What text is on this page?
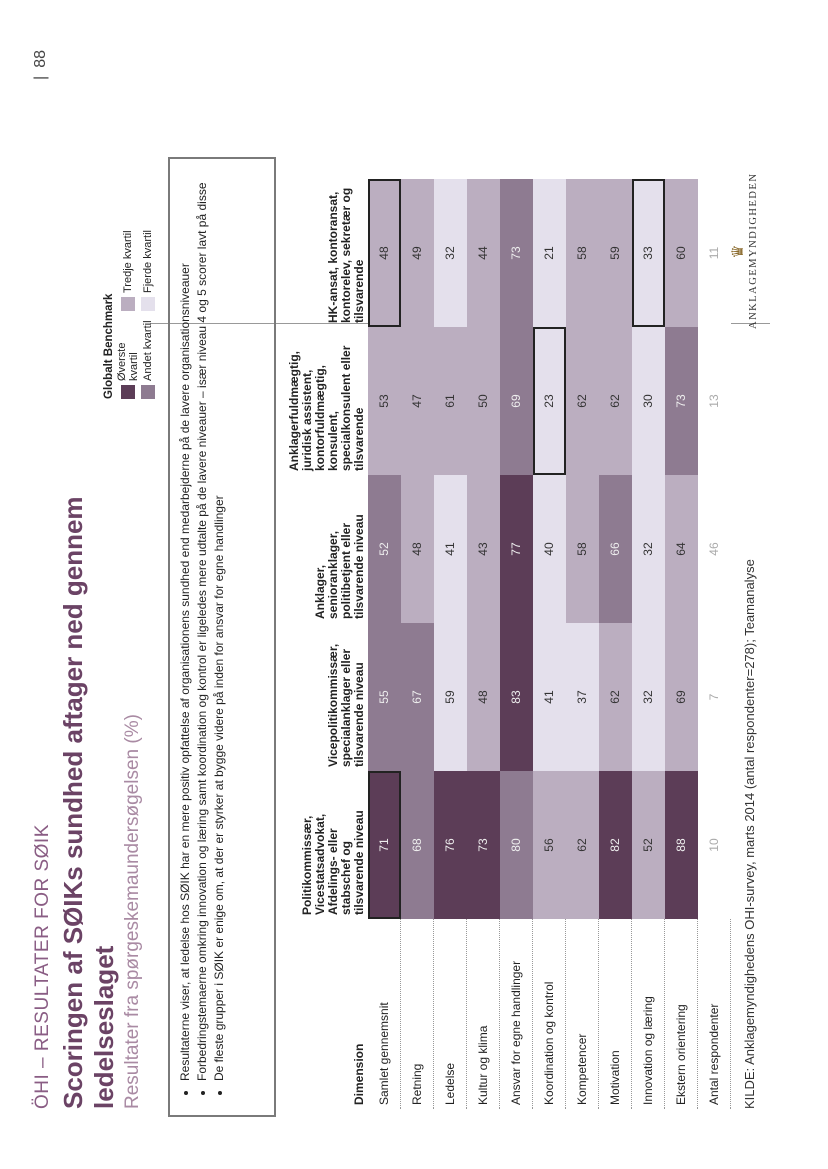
ÖHI – RESULTATER FOR SØIK Scoringen af SØIKs sundhed aftager ned gennem ledelseslaget Resultater fra spørgeskemaundersøgelsen (%)
Globalt Benchmark Øverste kvartil
Tredje kvartil
Andet kvartil
Fjerde kvartil
• Resultaterne viser, at ledelse hos SØIK har en mere positiv opfattelse af organisationens sundhed end medarbejderne på de lavere organisationsniveauer • Forbedringstemaerne omkring innovation og læring samt koordination og kontrol er ligeledes mere udtalte på de lavere niveauer – især niveau 4 og 5 scorer lavt på disse • De fleste grupper i SØIK er enige om, at der er styrker at bygge videre på inden for ansvar for egne handlinger	Dimension	Politikommissær, Vicestatsadvokat, Afdelings- eller stabschef og tilsvarende niveau	Vicepolitikommissær, specialanklager eller tilsvarende niveau	Anklager, senioranklager, politibetjent eller tilsvarende niveau	Anklagerfuldmægtig, juridisk assistent, kontorfuldmægtig, konsulent, specialkonsulent eller tilsvarende	HK-ansat, kontoransat, kontorelev, sekretær og tilsvarende
Samlet gennemsnit	71	55	52	53	48
Retning	68	67	48	47	49
Ledelse	76	59	41	61	32
Kultur og klima	73	48	43	50	44
Ansvar for egne handlinger	80	83	77	69	73
Koordination og kontrol	56	41	40	23	21
Kompetencer	62	37	58	62	58
Motivation	82	62	66	62	59
Innovation og læring	52	32	32	30	33
Ekstern orientering	88	69	64	73	60
Antal respondenter	10	7	46	13	11
KILDE: Anklagemyndighedens OHI-survey, marts 2014 (antal respondenter=278); Teamanalyse
♛ ANKLAGEMYNDIGHEDEN
|88
